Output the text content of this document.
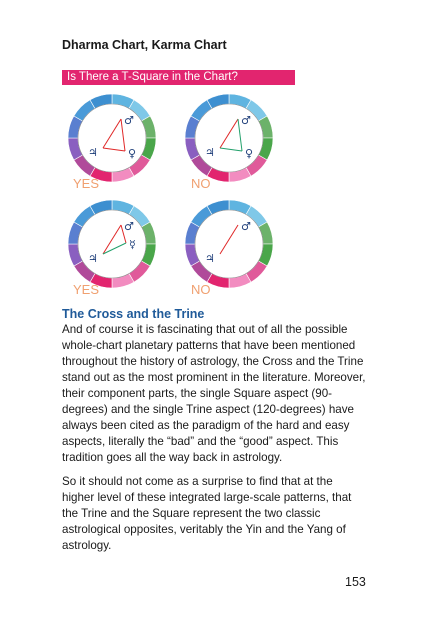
Dharma Chart, Karma Chart
Is There a T-Square in the Chart?
♂
♀
♃
YES
♂
♀
♃
NO
♂
☿
♃
YES
♂
♃
NO
The Cross and the Trine

And of course it is fascinating that out of all the possible whole-chart planetary patterns that have been mentioned throughout the history of astrology, the Cross and the Trine stand out as the most prominent in the literature. Moreover, their component parts, the single Square aspect (90-degrees) and the single Trine aspect (120-degrees) have always been cited as the paradigm of the hard and easy aspects, literally the “bad” and the “good” aspect. This tradition goes all the way back in astrology.

So it should not come as a surprise to find that at the higher level of these integrated large-scale patterns, that the Trine and the Square represent the two classic astrological opposites, veritably the Yin and the Yang of astrology.

153
